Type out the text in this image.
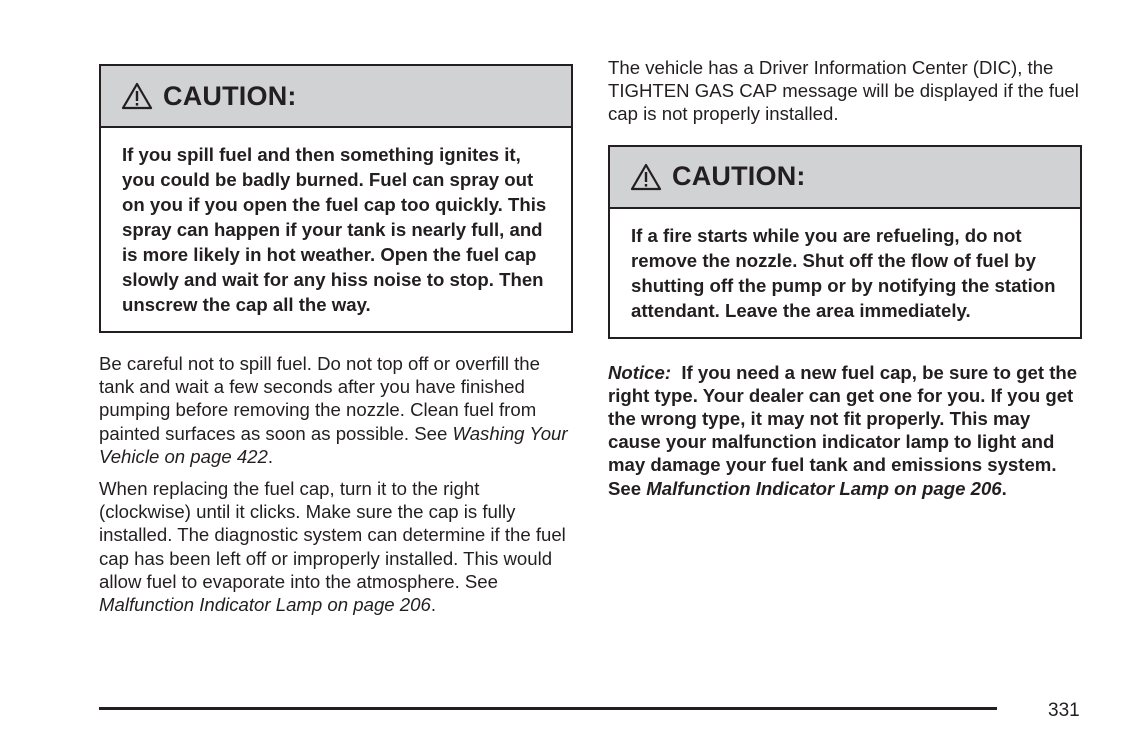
CAUTION:
If you spill fuel and then something ignites it, you could be badly burned. Fuel can spray out on you if you open the fuel cap too quickly. This spray can happen if your tank is nearly full, and is more likely in hot weather. Open the fuel cap slowly and wait for any hiss noise to stop. Then unscrew the cap all the way.

Be careful not to spill fuel. Do not top off or overfill the tank and wait a few seconds after you have finished pumping before removing the nozzle. Clean fuel from painted surfaces as soon as possible. See Washing Your Vehicle on page 422.

When replacing the fuel cap, turn it to the right (clockwise) until it clicks. Make sure the cap is fully installed. The diagnostic system can determine if the fuel cap has been left off or improperly installed. This would allow fuel to evaporate into the atmosphere. See Malfunction Indicator Lamp on page 206.

The vehicle has a Driver Information Center (DIC), the TIGHTEN GAS CAP message will be displayed if the fuel cap is not properly installed.

CAUTION:
If a fire starts while you are refueling, do not remove the nozzle. Shut off the flow of fuel by shutting off the pump or by notifying the station attendant. Leave the area immediately.

Notice: If you need a new fuel cap, be sure to get the right type. Your dealer can get one for you. If you get the wrong type, it may not fit properly. This may cause your malfunction indicator lamp to light and may damage your fuel tank and emissions system. See Malfunction Indicator Lamp on page 206.

331
